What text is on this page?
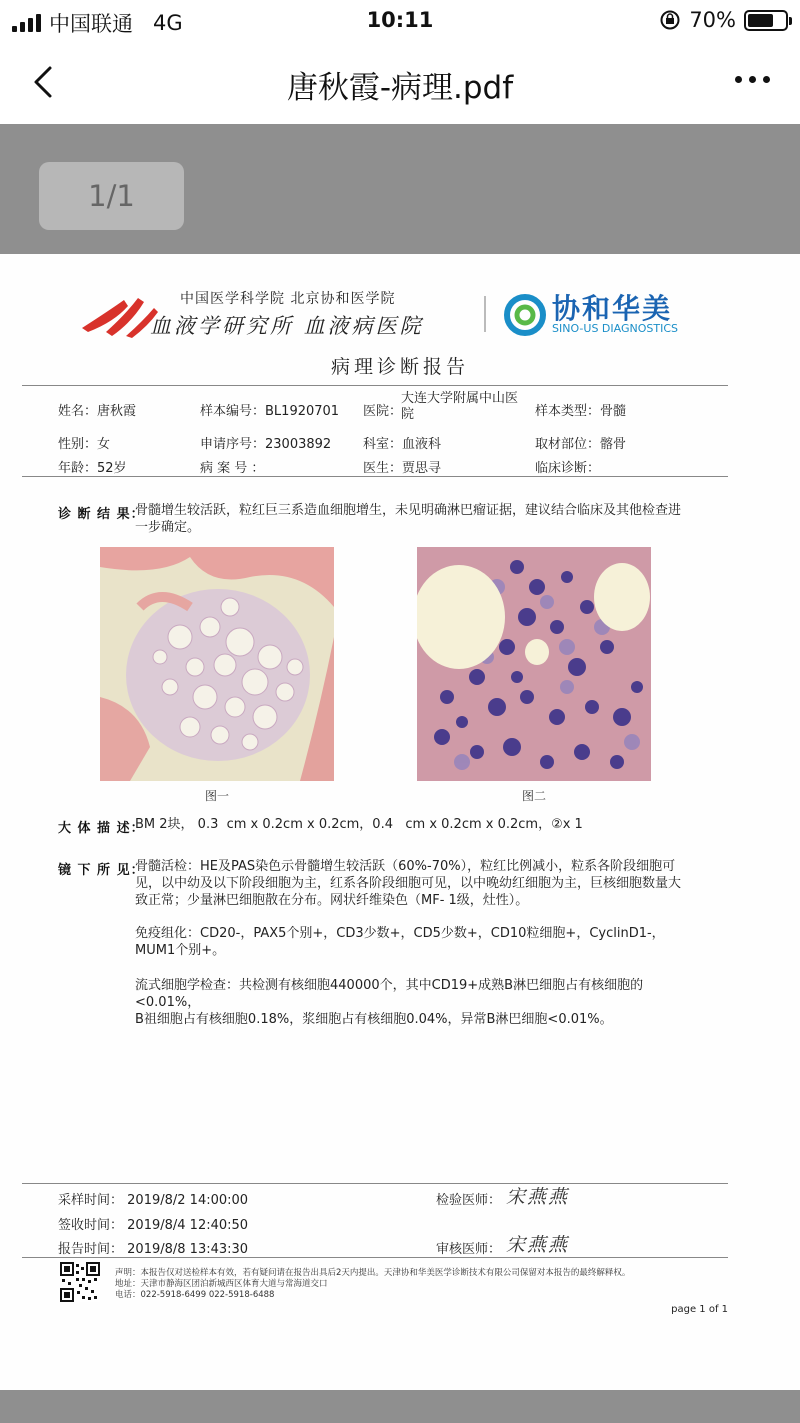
中国联通 4G	10:11	70%
唐秋霞-病理.pdf
1/1
中国医学科学院 北京协和医学院
血液学研究所 血液病医院
协和华美
SINO-US DIAGNOSTICS
病理诊断报告
姓名：唐秋霞	样本编号：BL1920701 医院：
大连大学附属中山医
院	样本类型：骨髓
性别：女	申请序号：23003892 科室：血液科	取材部位：髂骨
年龄：52岁	病 案 号 ：	医生：贾思寻	临床诊断：
诊 断 结 果：
骨髓增生较活跃，粒红巨三系造血细胞增生，未见明确淋巴瘤证据，建议结合临床及其他检查进
一步确定。
图一	图二
大 体 描 述：
BM 2块， 0.3  cm x 0.2cm x 0.2cm，0.4   cm x 0.2cm x 0.2cm，②x 1
镜 下 所 见：
骨髓活检：HE及PAS染色示骨髓增生较活跃（60%-70%），粒红比例减小，粒系各阶段细胞可
见，以中幼及以下阶段细胞为主，红系各阶段细胞可见，以中晚幼红细胞为主，巨核细胞数量大
致正常；少量淋巴细胞散在分布。网状纤维染色（MF- 1级，灶性）。
免疫组化：CD20-，PAX5个别+，CD3少数+，CD5少数+，CD10粒细胞+，CyclinD1-，
MUM1个别+。
流式细胞学检查：共检测有核细胞440000个，其中CD19+成熟B淋巴细胞占有核细胞的
<0.01%，
B祖细胞占有核细胞0.18%，浆细胞占有核细胞0.04%，异常B淋巴细胞<0.01%。
采样时间： 2019/8/2 14:00:00
签收时间： 2019/8/4 12:40:50
报告时间： 2019/8/8 13:43:30
检验医师： 宋燕燕
审核医师： 宋燕燕
声明：本报告仅对送检样本有效，若有疑问请在报告出具后2天内提出。天津协和华美医学诊断技术有限公司保留对本报告的最终解释权。
地址：天津市静海区团泊新城西区体育大道与常海道交口
电话：022-5918-6499 022-5918-6488
page 1 of 1
